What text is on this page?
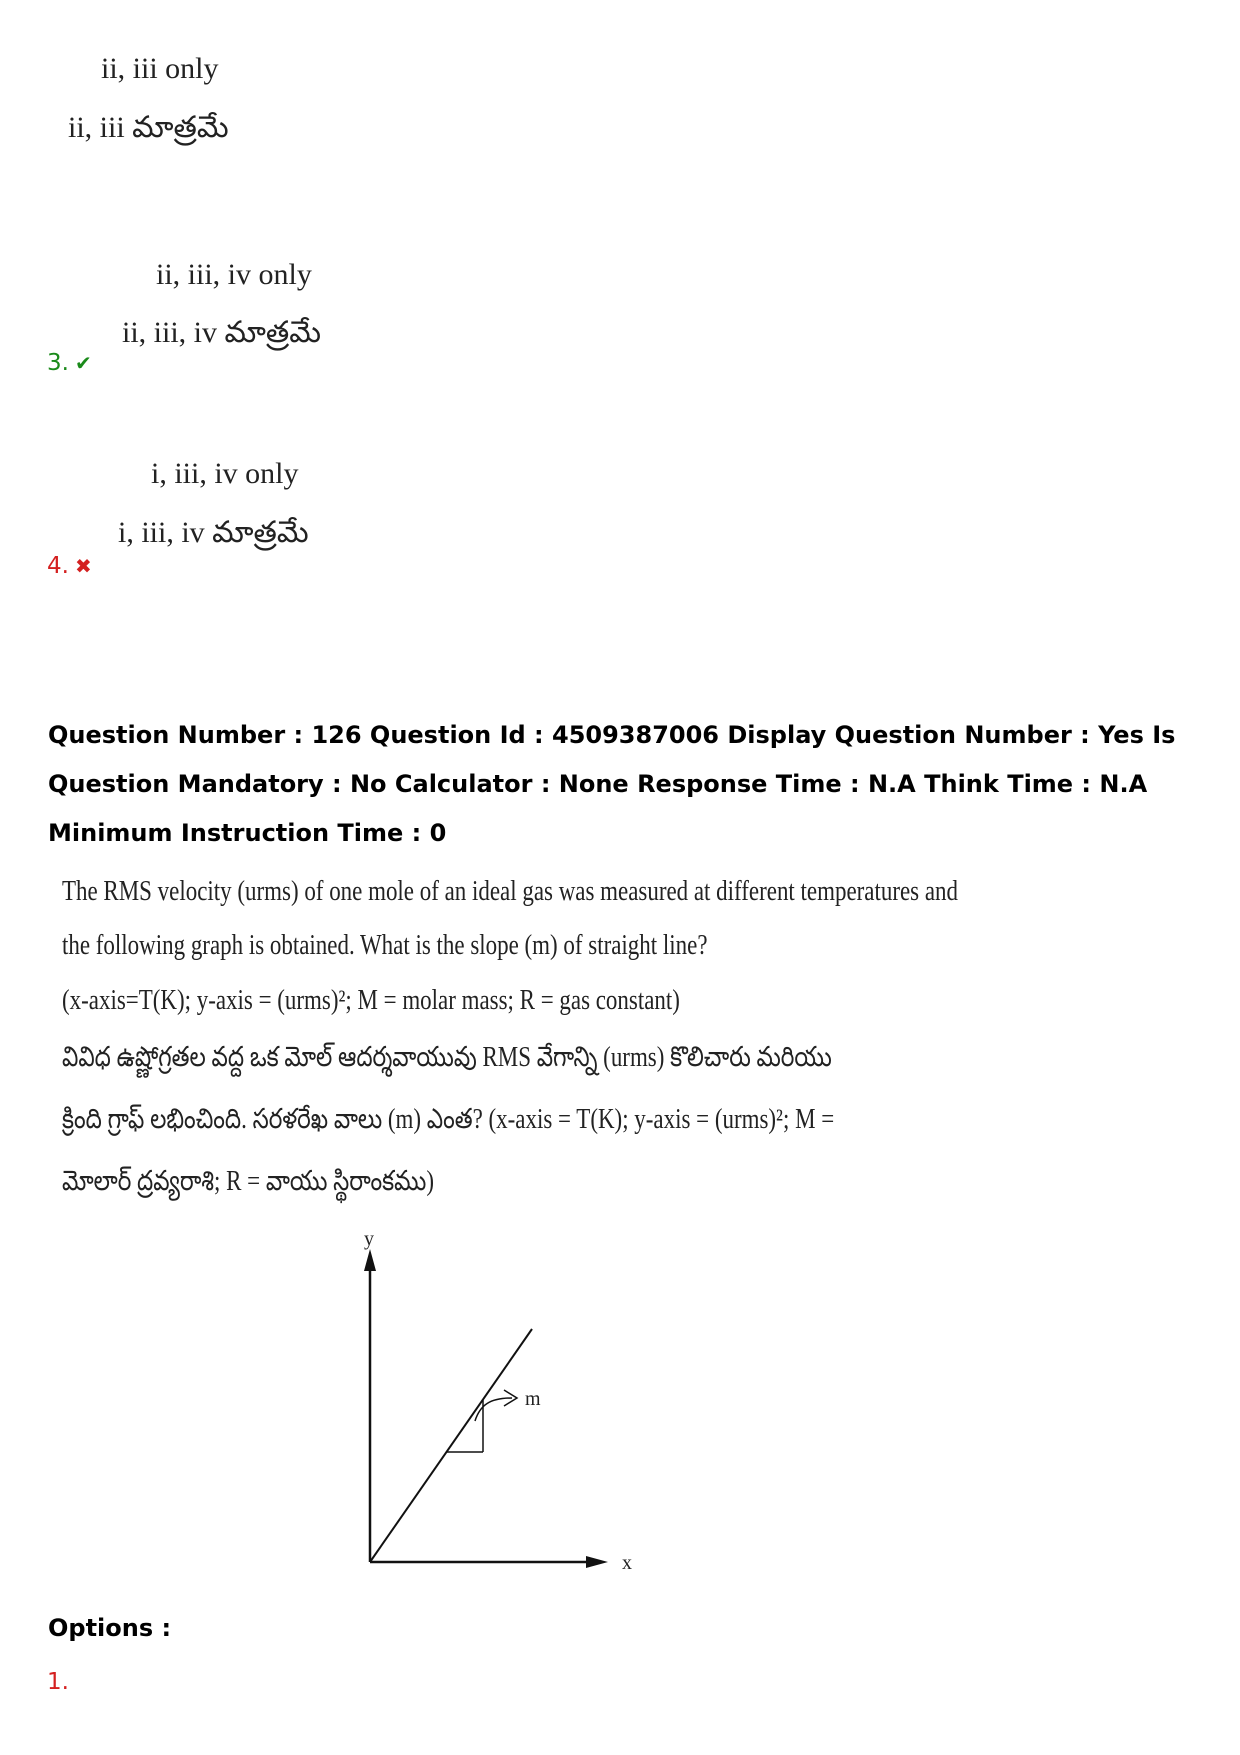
ii, iii only
ii, iii మాత్రమే
ii, iii, iv only
ii, iii, iv మాత్రమే
3. ✔
i, iii, iv only
i, iii, iv మాత్రమే
4. ✖
Question Number : 126 Question Id : 4509387006 Display Question Number : Yes Is Question Mandatory : No Calculator : None Response Time : N.A Think Time : N.A Minimum Instruction Time : 0
The RMS velocity (urms) of one mole of an ideal gas was measured at different temperatures and
the following graph is obtained. What is the slope (m) of straight line?
(x-axis=T(K); y-axis = (urms)²; M = molar mass; R = gas constant)
వివిధ ఉష్ణోగ్రతల వద్ద ఒక మోల్ ఆదర్శవాయువు RMS వేగాన్ని (urms) కొలిచారు మరియు
క్రింది గ్రాఫ్ లభించింది. సరళరేఖ వాలు (m) ఎంత? (x-axis = T(K); y-axis = (urms)²; M =
మోలార్ ద్రవ్యరాశి; R = వాయు స్థిరాంకము)
y
x
m
Options :
1.
